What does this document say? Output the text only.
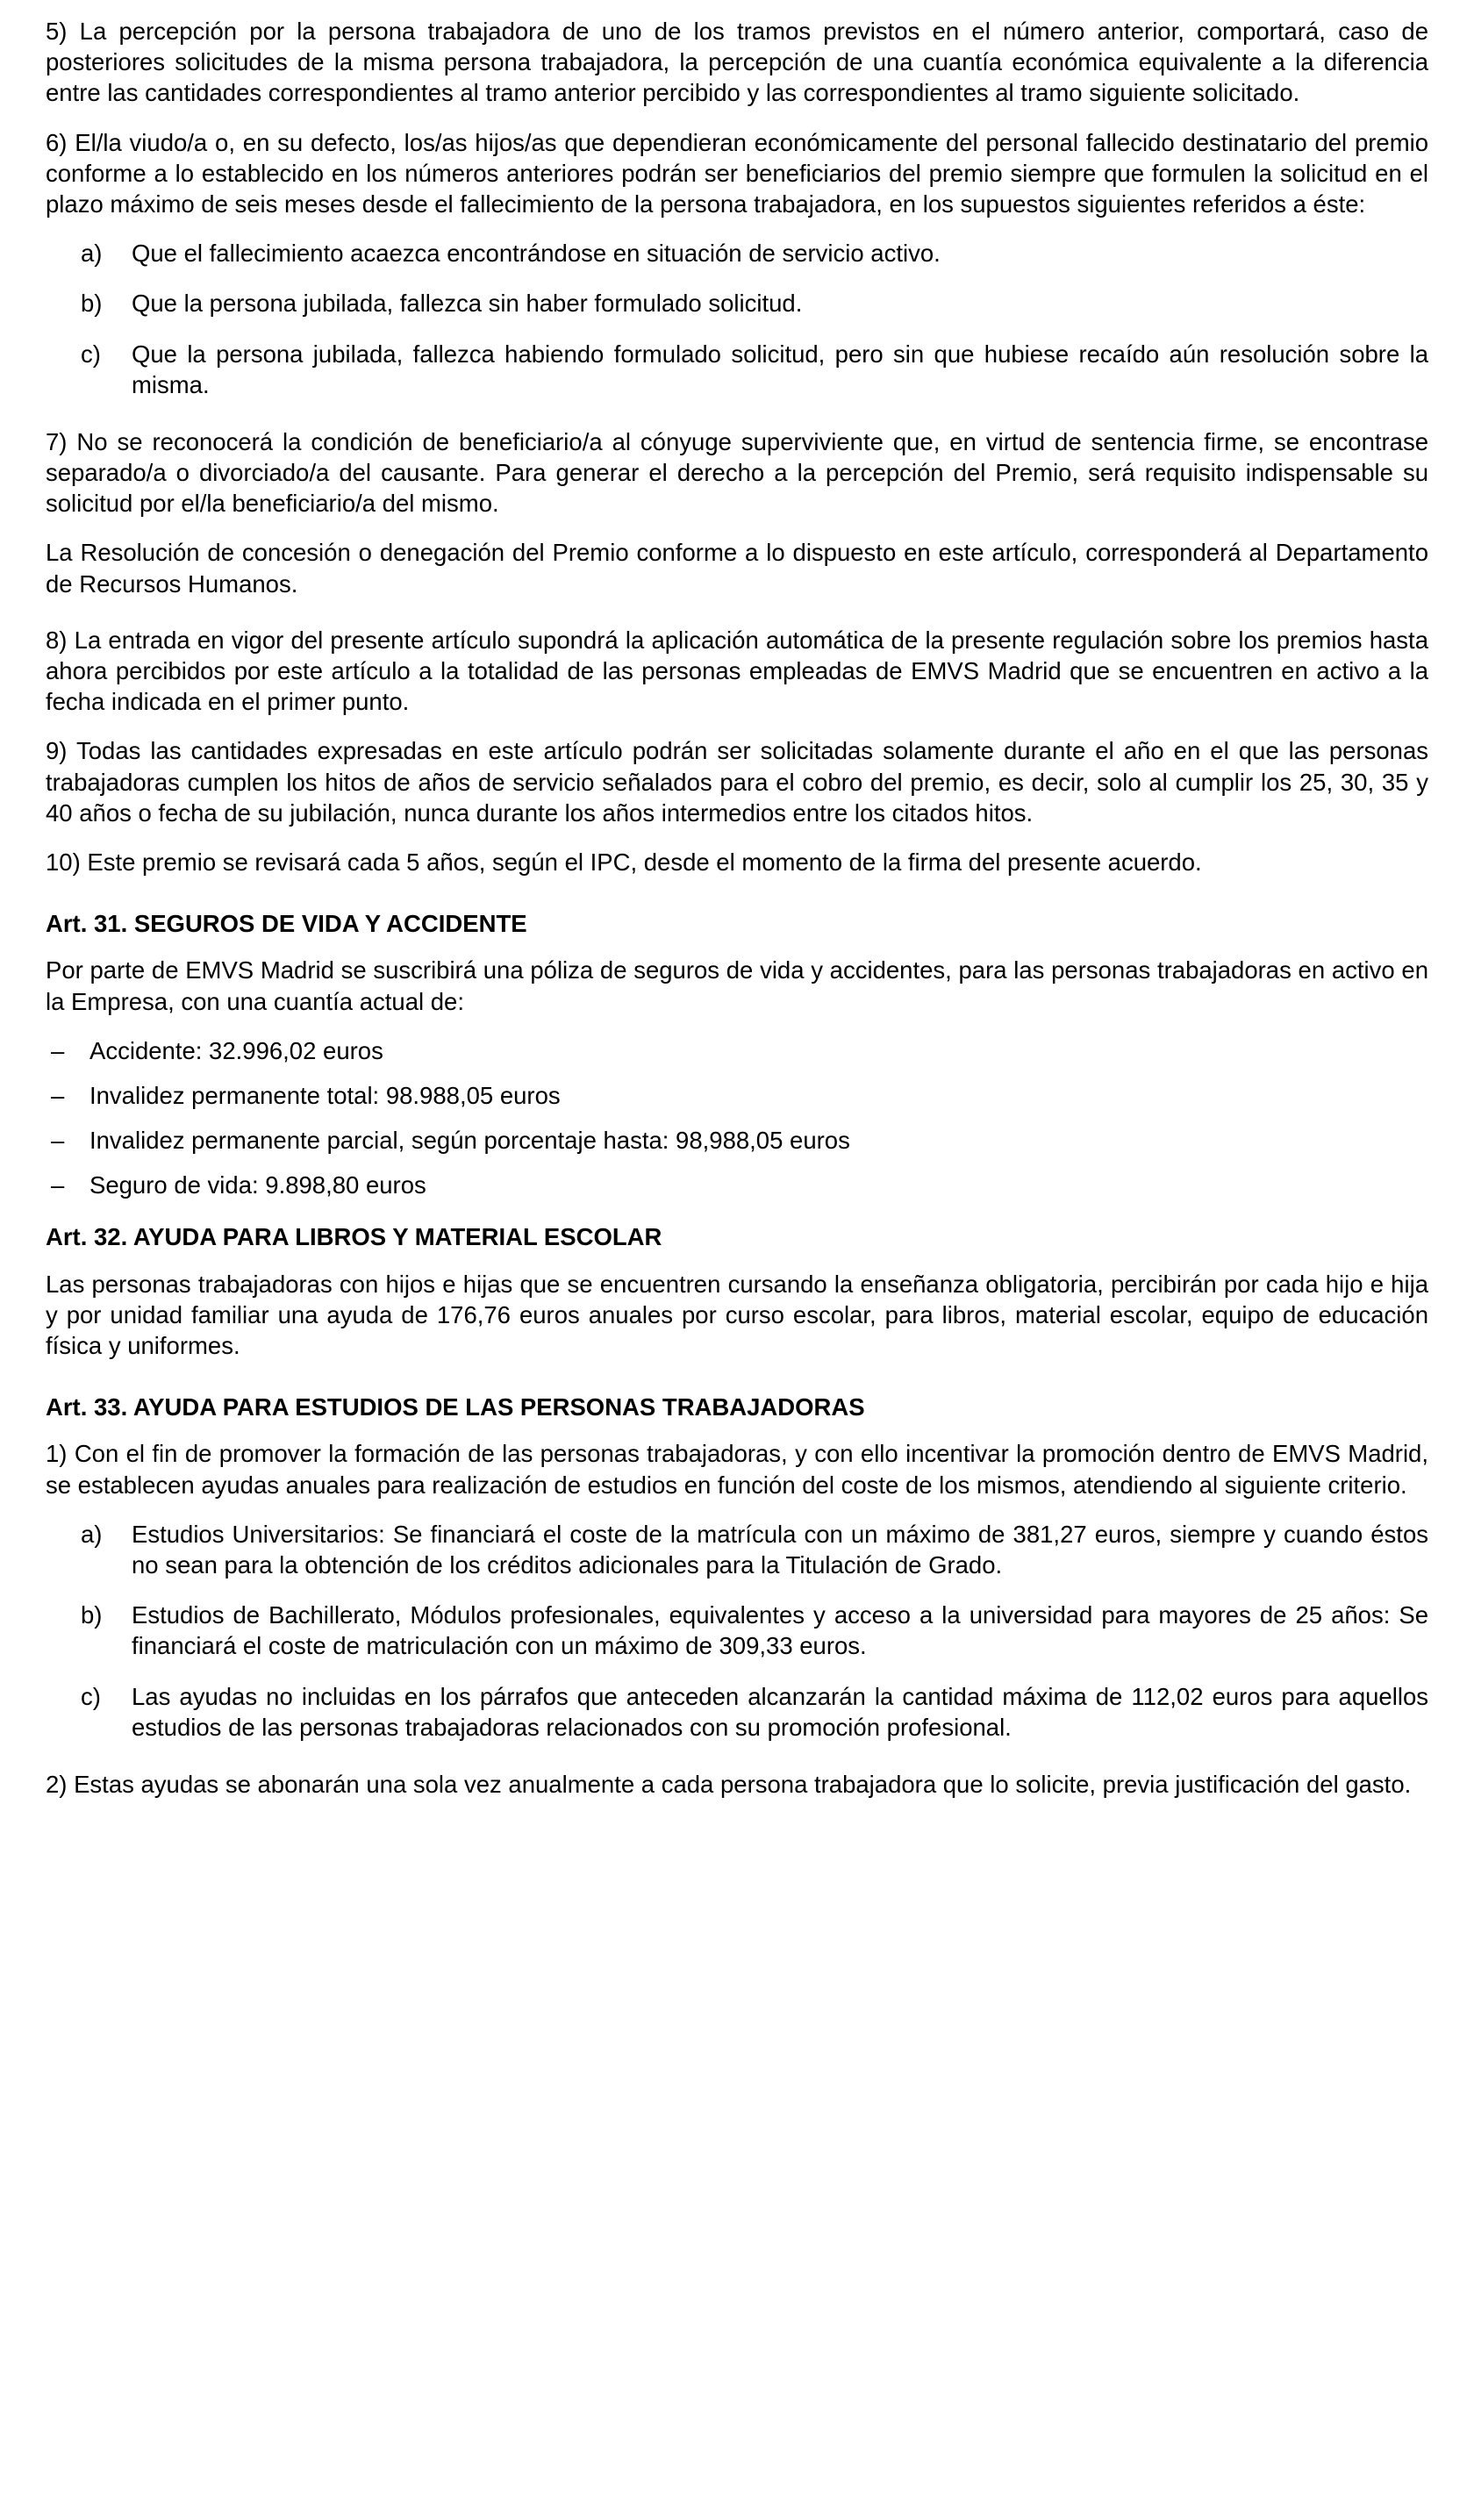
5) La percepción por la persona trabajadora de uno de los tramos previstos en el número anterior, comportará, caso de posteriores solicitudes de la misma persona trabajadora, la percepción de una cuantía económica equivalente a la diferencia entre las cantidades correspondientes al tramo anterior percibido y las correspondientes al tramo siguiente solicitado.

6) El/la viudo/a o, en su defecto, los/as hijos/as que dependieran económicamente del personal fallecido destinatario del premio conforme a lo establecido en los números anteriores podrán ser beneficiarios del premio siempre que formulen la solicitud en el plazo máximo de seis meses desde el fallecimiento de la persona trabajadora, en los supuestos siguientes referidos a éste:

a)	Que el fallecimiento acaezca encontrándose en situación de servicio activo.
b)	Que la persona jubilada, fallezca sin haber formulado solicitud.
c)	Que la persona jubilada, fallezca habiendo formulado solicitud, pero sin que hubiese recaído aún resolución sobre la misma.

7) No se reconocerá la condición de beneficiario/a al cónyuge superviviente que, en virtud de sentencia firme, se encontrase separado/a o divorciado/a del causante. Para generar el derecho a la percepción del Premio, será requisito indispensable su solicitud por el/la beneficiario/a del mismo.

La Resolución de concesión o denegación del Premio conforme a lo dispuesto en este artículo, corresponderá al Departamento de Recursos Humanos.

8) La entrada en vigor del presente artículo supondrá la aplicación automática de la presente regulación sobre los premios hasta ahora percibidos por este artículo a la totalidad de las personas empleadas de EMVS Madrid que se encuentren en activo a la fecha indicada en el primer punto.

9) Todas las cantidades expresadas en este artículo podrán ser solicitadas solamente durante el año en el que las personas trabajadoras cumplen los hitos de años de servicio señalados para el cobro del premio, es decir, solo al cumplir los 25, 30, 35 y 40 años o fecha de su jubilación, nunca durante los años intermedios entre los citados hitos.

10) Este premio se revisará cada 5 años, según el IPC, desde el momento de la firma del presente acuerdo.

Art. 31. SEGUROS DE VIDA Y ACCIDENTE

Por parte de EMVS Madrid se suscribirá una póliza de seguros de vida y accidentes, para las personas trabajadoras en activo en la Empresa, con una cuantía actual de:

–	Accidente: 32.996,02 euros
–	Invalidez permanente total: 98.988,05 euros
–	Invalidez permanente parcial, según porcentaje hasta: 98,988,05 euros
–	Seguro de vida: 9.898,80 euros
Art. 32. AYUDA PARA LIBROS Y MATERIAL ESCOLAR

Las personas trabajadoras con hijos e hijas que se encuentren cursando la enseñanza obligatoria, percibirán por cada hijo e hija y por unidad familiar una ayuda de 176,76 euros anuales por curso escolar, para libros, material escolar, equipo de educación física y uniformes.

Art. 33. AYUDA PARA ESTUDIOS DE LAS PERSONAS TRABAJADORAS

1) Con el fin de promover la formación de las personas trabajadoras, y con ello incentivar la promoción dentro de EMVS Madrid, se establecen ayudas anuales para realización de estudios en función del coste de los mismos, atendiendo al siguiente criterio.

a)	Estudios Universitarios: Se financiará el coste de la matrícula con un máximo de 381,27 euros, siempre y cuando éstos no sean para la obtención de los créditos adicionales para la Titulación de Grado.
b)	Estudios de Bachillerato, Módulos profesionales, equivalentes y acceso a la universidad para mayores de 25 años: Se financiará el coste de matriculación con un máximo de 309,33 euros.
c)	Las ayudas no incluidas en los párrafos que anteceden alcanzarán la cantidad máxima de 112,02 euros para aquellos estudios de las personas trabajadoras relacionados con su promoción profesional.

2) Estas ayudas se abonarán una sola vez anualmente a cada persona trabajadora que lo solicite, previa justificación del gasto.
